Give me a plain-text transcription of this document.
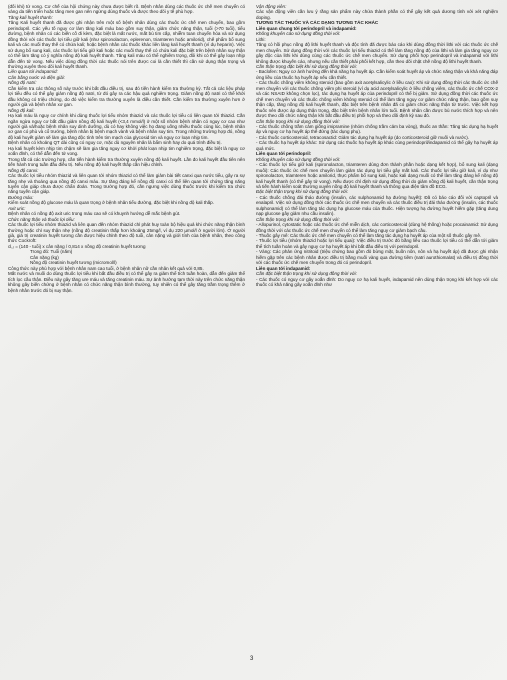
(đối khi) tử vong. Cơ chế của hội chứng này chưa được biết rõ. Bệnh nhân dùng các thuốc ức chế men chuyển có vàng da tiến triển hoặc tăng men gan nên ngừng dùng thuốc và được theo dõi y tế phù hợp.

Tăng kali huyết thanh:

Tăng Kali huyết thanh đã được ghi nhận trên một số bệnh nhân dùng các thuốc ức chế men chuyển, bao gồm perindopril. Các yếu tố nguy cơ làm tăng kali máu bao gồm suy thận, giảm chức năng thận, tuổi (>70 tuổi), tiểu đường, bệnh nhân có các biến cố đi kèm, đặc biệt là mất nước, mất bù tim cấp, nhiễm toan chuyển hóa và sử dụng đồng thời với các thuốc lợi tiểu giữ kali (như spironolacton, eplerenon, triamteren hoặc amilorid), chế phẩm bổ sung kali và các muối thay thế có chứa kali; hoặc bệnh nhân các thuốc khác liên làng kali huyết thanh (ví dụ heparin). Việc sử dụng bổ sung kali, các thuốc lợi tiểu giữ kali hoặc các muối thay thế có chứa kali đặc biệt trên bệnh nhân suy thận có thể làm tăng có ý nghĩa nồng độ kali huyết thanh. Tăng kali máu có thể nghiêm trọng, đôi khi có thể gây loạn nhịp dẫn đến tử vong. Nếu việc dùng đồng thời các thuốc nói trên được coi là cần thiết thì cần sử dụng thận trọng và thường xuyên theo dõi kali huyết thanh.

Liên quan tới indapamid:

Cân bằng nước và điện giải:

Nồng độ natri:

Cần kiểm tra các thông số này trước khi bắt đầu điều trị, sau đó tiến hành kiểm tra thường kỳ. Tất cả các liệu pháp lợi tiểu đều có thể gây giảm nồng độ natri, từ đó gây ra các hậu quả nghiêm trọng. Giảm nồng độ natri có thể khởi đầu không có triệu chứng, do đó việc kiểm tra thường xuyên là điều cần thiết. Cần kiểm tra thường xuyên hơn ở người già và bệnh nhân xơ gan.

Nồng độ kali:

Hạ kali máu là nguy cơ chính khi dùng thuốc lợi tiểu nhóm thiazid và các thuốc lợi tiểu có liên quan tới thiazid. Cần ngăn ngừa nguy cơ bắt đầu giảm nồng độ kali huyết (<3,4 mmol/l) ở một số nhóm bệnh nhân có nguy cơ cao như người già và/hoặc bệnh nhân suy dinh dưỡng, dù có hay không việc họ đang uống nhiều thuốc cùng lúc, bệnh nhân xơ gan có phù và cổ trướng, bệnh nhân bị bệnh mạch vành và bệnh nhân suy tim. Trong những trường hợp đó, nồng độ kali huyết giảm sẽ làm gia tăng độc tính trên tim mạch của glycosid tim và nguy cơ loạn nhịp tim.

Bệnh nhân có khoảng QT dài cũng có nguy cơ, mặc dù nguyên nhân là bẩm sinh hay do quá trình điều trị.

Hạ kali huyết kèm nhịp tim chậm sẽ làm gia tăng nguy cơ khởi phát loạn nhịp tim nghiêm trọng, đặc biệt là nguy cơ xoắn đỉnh, có thể dẫn đến tử vong.

Trong tất cả các trường hợp, cần tiến hành kiểm tra thường xuyên nồng độ kali huyết. Lần đo kali huyết đầu tiên nên tiến hành trong tuần đầu điều trị. Nếu nồng độ kali huyết thấp cần hiệu chỉnh.

Nồng độ canxi:

Các thuốc lợi tiểu nhóm thiazid và liên quan tới nhóm thiazid có thể làm giảm bài tiết canxi qua nước tiểu, gây ra sự tăng nhẹ và thoáng qua nồng độ canxi máu. Sự tăng đáng kể nồng độ canxi có thể liên quan tới chứng tăng năng tuyến cận giáp chưa được chẩn đoán. Trong trường hợp đó, cần ngưng việc dùng thuốc trước khi kiểm tra chức năng tuyến cận giáp.

Đường máu:

Kiểm soát nồng độ glucose máu là quan trọng ở bệnh nhân tiểu đường, đặc biệt khi nồng độ kali thấp.

Axit uric:

Bệnh nhân có nồng độ axit uric trong máu cao sẽ có khuynh hướng dễ mắc bệnh gút.

Chức năng thận và thuốc lợi tiểu:

Các thuốc lợi tiểu nhóm thiazid và liên quan đến nhóm thiazid chỉ phát huy toàn bộ hiệu quả khi chức năng thận bình thường hoặc chỉ suy thận nhẹ (nồng độ creatinin thấp hơn khoảng 25mg/l, ví dụ 220 µmol/l ở người lớn). Ở người già, giá trị creatinin huyết tương cần được hiệu chỉnh theo độ tuổi, cân nặng và giới tính của bệnh nhân, theo công thức Cockroft:

cl꜀ᵣ = (140 - tuổi) x cân nặng / 0,814 x nồng độ creatinin huyết tương

Trong đó: Tuổi (năm)

Cân nặng (kg)

Nồng độ creatinin huyết tương (micromol/l)

Công thức này phù hợp với bệnh nhân nam cao tuổi, ở bệnh nhân nữ cần nhân kết quả với 0,85.

Mất nước và muối do dùng thuốc lợi tiểu khi bắt đầu điều trị có thể gây ra giảm thể tích tuần hoàn, dẫn đến giảm thể tích lọc cầu thận. Điều này gây tăng ure máu và tăng creatinin máu. Sự ảnh hưởng tạm thời này trên chức năng thận không gây biến chứng ở bệnh nhân có chức năng thận bình thường, tuy nhiên có thể gây tăng trầm trọng thêm ở bệnh nhân trước đó bị suy thận.

Vận động viên:

Các vận động viên cần lưu ý rằng sản phẩm này chứa thành phần có thể gây kết quả dương tính với xét nghiệm doping.

TƯƠNG TÁC THUỐC VÀ CÁC DẠNG TƯƠNG TÁC KHÁC

Liên quan chung tới perindopril và indapamid:

Không khuyến cáo sử dụng đồng thời với:

Lithi:

Tăng có hồi phục nồng độ lithi huyết thanh và độc tính đã được báo cáo khi dùng đồng thời lithi với các thuốc ức chế men chuyển. Sử dụng đồng thời với các thuốc lợi tiểu thiazid có thể làm tăng nồng độ của lithi và làm gia tăng nguy cơ gây độc của lithi khi dùng cùng các thuốc ức chế men chuyển. Sử dụng phối hợp perindopril và indapamid với lithi không được khuyến cáo, nhưng nếu cần thiết phải phối kết hợp, cần theo dõi chặt chẽ nồng độ lithi huyết thanh.

Cần thận trọng đặc biệt khi sử dụng đồng thời với:

- Baclofen: Nguy cơ ảnh hưởng đến khả năng hạ huyết áp. Cần kiểm soát huyết áp và chức năng thận và khả năng đáp ứng liều của thuốc hạ huyết áp nếu cần thiết.

- Các thuốc chống viêm không steroid (bao gồm axit acetylsalicylic ở liều cao): Khi sử dụng đồng thời các thuốc ức chế men chuyển với các thuốc chống viêm phi steroid (ví dụ acid acetylsalicylic ở liều chống viêm, các thuốc ức chế COX-2 và các NSAID không chọn lọc), tác dụng hạ huyết áp của perindopril có thể bị giảm. Sử dụng đồng thời các thuốc ức chế men chuyển và các thuốc chống viêm không steroid có thể làm tăng nguy cơ giảm chức năng thận, bao gồm suy thận cấp, tăng nồng độ kali huyết thanh, đặc biệt trên bệnh nhân đã có giảm chức năng thận từ trước. Việc kết hợp thuốc nên được áp dụng thận trọng, đặc biệt trên bệnh nhân lớn tuổi. Bệnh nhân cần được bù nước thích hợp và nên được theo dõi chức năng thận khi bắt đầu điều trị phối hợp và theo dõi định kỳ sau đó.

Cần thận trọng khi sử dụng đồng thời với:

- Các thuốc chống trầm cảm giống imipramine (nhóm chống trầm cảm ba vòng), thuốc an thần: Tăng tác dụng hạ huyết áp và nguy cơ hạ huyết áp thế đứng (tác dụng phụ).

- Các thuốc corticosteroid, tetracosactid: Giảm tác dụng hạ huyết áp (do corticosteroid giữ muối và nước).

- Các thuốc hạ huyết áp khác: Sử dụng các thuốc hạ huyết áp khác cùng perindopril/indapamid có thể gây hạ huyết áp quá mức.

Liên quan tới perindopril:

Không khuyến cáo sử dụng đồng thời với:

- Các thuốc lợi tiểu giữ kali (spironolacton, triamteren dùng đơn thành phần hoặc dạng kết hợp), bổ sung kali (dạng muối): Các thuốc ức chế men chuyển làm giảm tác dụng lợi tiểu gây mất kali. Các thuốc lợi tiểu giữ kali, ví dụ như spironolacton, triamteren hoặc amilorid, thực phẩm bổ sung kali, hoặc kali dạng muối có thể làm tăng đáng kể nồng độ kali huyết thanh (có thể gây tử vong). Nếu được chỉ định sử dụng đồng thời do giảm nồng độ kali huyết, cần thận trọng và tiến hành kiểm soát thường xuyên nồng độ kali huyết thanh và thông qua điện tâm đồ ECG.

Đặc biệt thận trọng khi sử dụng đồng thời với:

- Các thuốc chống đái tháo đường (insulin, các sulphonamid hạ đường huyết): Đã có báo cáo đối với captopril và enalapril. Việc sử dụng đồng thời các thuốc ức chế men chuyển và các thuốc điều trị đái tháo đường (insulin, các thuốc sulphonamid) có thể làm tăng tác dụng hạ glucose máu của thuốc. Hiện tượng hạ đường huyết hiếm gặp (tăng dung nạp glucose gây giảm nhu cầu insulin).

Cần thận trọng khi sử dụng đồng thời với:

- Allopurinol, cytostatic hoặc các thuốc ức chế miễn dịch, các corticosteroid (dùng hệ thống) hoặc procainamid: Sử dụng đồng thời với các thuốc ức chế men chuyển có thể làm tăng nguy cơ giảm bạch cầu.

- Thuốc gây mê: Các thuốc ức chế men chuyển có thể làm tăng tác dụng hạ huyết áp của một số thuốc gây mê.

- Thuốc lợi tiểu (nhóm thiazid hoặc lợi tiểu quai): Việc điều trị trước đó bằng liều cao thuốc lợi tiểu có thể dẫn tới giảm thể tích tuần hoàn và gây nguy cơ hạ huyết áp khi bắt đầu điều trị với perindopril.

- Vàng: Các phản ứng nitritoid (triệu chứng bao gồm đỏ bừng mặt, buồn nôn, nôn và hạ huyết áp) đã được ghi nhận hiếm gặp trên các bệnh nhân được điều trị bằng muối vàng qua đường tiêm (natri aurothiomalat) và điều trị đồng thời với các thuốc ức chế men chuyển trong đó có perindopril.

Liên quan tới indapamid:

Cần đặc biệt thận trọng khi sử dụng đồng thời với:

- Các thuốc có nguy cơ gây xoắn đỉnh: Do nguy cơ hạ kali huyết, indapamid nên dùng thận trọng khi kết hợp với các thuốc có khả năng gây xoắn đỉnh như

3
